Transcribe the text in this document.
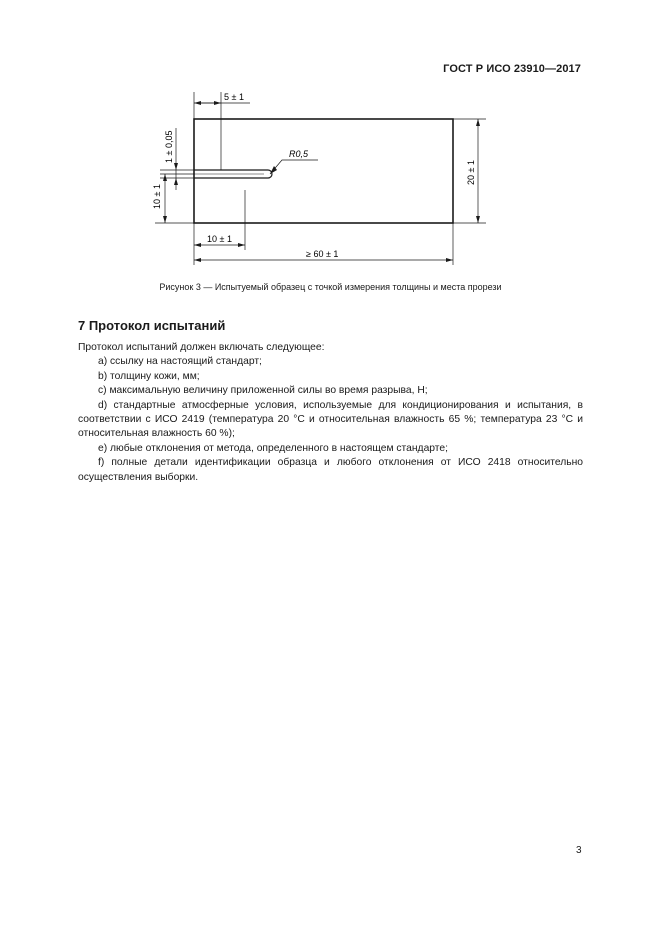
ГОСТ Р ИСО 23910—2017
5 ± 1
R0,5
1 ± 0,05
10 ± 1
20 ± 1
10 ± 1
≥ 60 ± 1
Рисунок 3 — Испытуемый образец с точкой измерения толщины и места прорези
7 Протокол испытаний

Протокол испытаний должен включать следующее:

a) ссылку на настоящий стандарт;

b) толщину кожи, мм;

c) максимальную величину приложенной силы во время разрыва, Н;

d) стандартные атмосферные условия, используемые для кондиционирования и испытания, в соответствии с ИСО 2419 (температура 20 °С и относительная влажность 65 %; температура 23 °С и относительная влажность 60 %);

e) любые отклонения от метода, определенного в настоящем стандарте;

f) полные детали идентификации образца и любого отклонения от ИСО 2418 относительно осуществления выборки.

3
